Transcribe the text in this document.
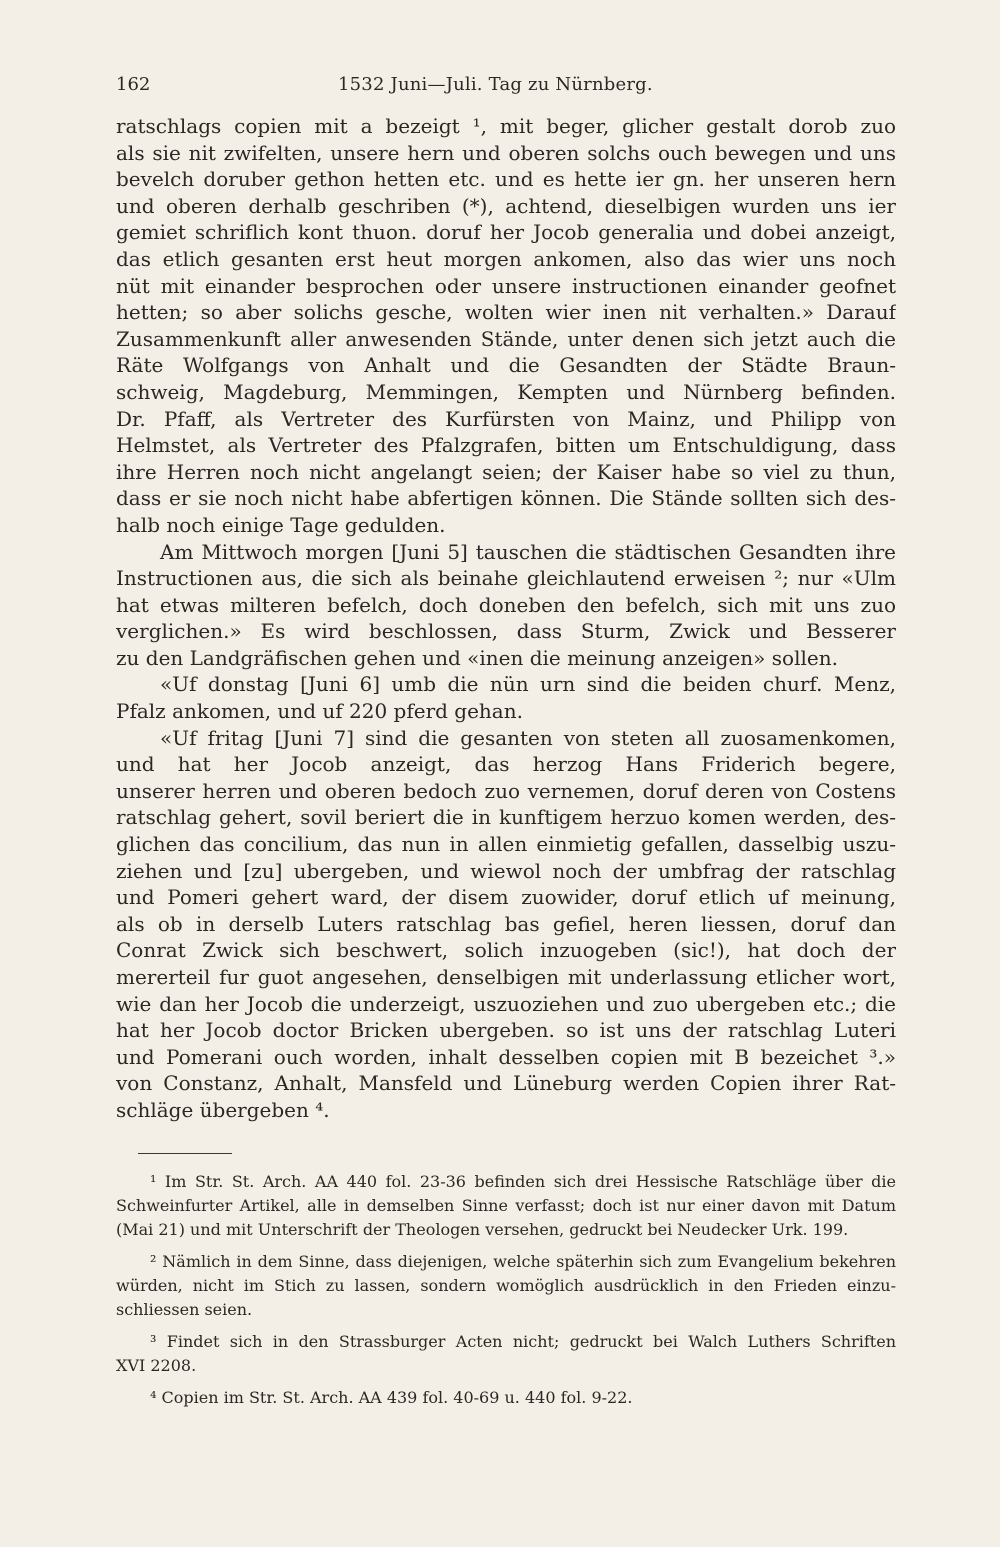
162	1532 Juni—Juli. Tag zu Nürnberg.
ratschlags copien mit a bezeigt ¹, mit beger, glicher gestalt dorob zuo
als sie nit zwifelten, unsere hern und oberen solchs ouch bewegen und uns
bevelch doruber gethon hetten etc. und es hette ier gn. her unseren hern
und oberen derhalb geschriben (*), achtend, dieselbigen wurden uns ier
gemiet schriflich kont thuon. doruf her Jocob generalia und dobei anzeigt,
das etlich gesanten erst heut morgen ankomen, also das wier uns noch
nüt mit einander besprochen oder unsere instructionen einander geofnet
hetten; so aber solichs gesche, wolten wier inen nit verhalten.» Darauf
Zusammenkunft aller anwesenden Stände, unter denen sich jetzt auch die
Räte Wolfgangs von Anhalt und die Gesandten der Städte Braun-
schweig, Magdeburg, Memmingen, Kempten und Nürnberg befinden.
Dr. Pfaff, als Vertreter des Kurfürsten von Mainz, und Philipp von
Helmstet, als Vertreter des Pfalzgrafen, bitten um Entschuldigung, dass
ihre Herren noch nicht angelangt seien; der Kaiser habe so viel zu thun,
dass er sie noch nicht habe abfertigen können. Die Stände sollten sich des-
halb noch einige Tage gedulden.
Am Mittwoch morgen [Juni 5] tauschen die städtischen Gesandten ihre
Instructionen aus, die sich als beinahe gleichlautend erweisen ²; nur «Ulm
hat etwas milteren befelch, doch doneben den befelch, sich mit uns zuo
verglichen.» Es wird beschlossen, dass Sturm, Zwick und Besserer
zu den Landgräfischen gehen und «inen die meinung anzeigen» sollen.
«Uf donstag [Juni 6] umb die nün urn sind die beiden churf. Menz,
Pfalz ankomen, und uf 220 pferd gehan.
«Uf fritag [Juni 7] sind die gesanten von steten all zuosamenkomen,
und hat her Jocob anzeigt, das herzog Hans Friderich begere,
unserer herren und oberen bedoch zuo vernemen, doruf deren von Costens
ratschlag gehert, sovil beriert die in kunftigem herzuo komen werden, des-
glichen das concilium, das nun in allen einmietig gefallen, dasselbig uszu-
ziehen und [zu] ubergeben, und wiewol noch der umbfrag der ratschlag
und Pomeri gehert ward, der disem zuowider, doruf etlich uf meinung,
als ob in derselb Luters ratschlag bas gefiel, heren liessen, doruf dan
Conrat Zwick sich beschwert, solich inzuogeben (sic!), hat doch der
mererteil fur guot angesehen, denselbigen mit underlassung etlicher wort,
wie dan her Jocob die underzeigt, uszuoziehen und zuo ubergeben etc.; die
hat her Jocob doctor Bricken ubergeben. so ist uns der ratschlag Luteri
und Pomerani ouch worden, inhalt desselben copien mit B bezeichet ³.»
von Constanz, Anhalt, Mansfeld und Lüneburg werden Copien ihrer Rat-
schläge übergeben ⁴.
¹ Im Str. St. Arch. AA 440 fol. 23-36 befinden sich drei Hessische Ratschläge über die
Schweinfurter Artikel, alle in demselben Sinne verfasst; doch ist nur einer davon mit Datum
(Mai 21) und mit Unterschrift der Theologen versehen, gedruckt bei Neudecker Urk. 199.
² Nämlich in dem Sinne, dass diejenigen, welche späterhin sich zum Evangelium bekehren
würden, nicht im Stich zu lassen, sondern womöglich ausdrücklich in den Frieden einzu-
schliessen seien.
³ Findet sich in den Strassburger Acten nicht; gedruckt bei Walch Luthers Schriften
XVI 2208.
⁴ Copien im Str. St. Arch. AA 439 fol. 40-69 u. 440 fol. 9-22.
